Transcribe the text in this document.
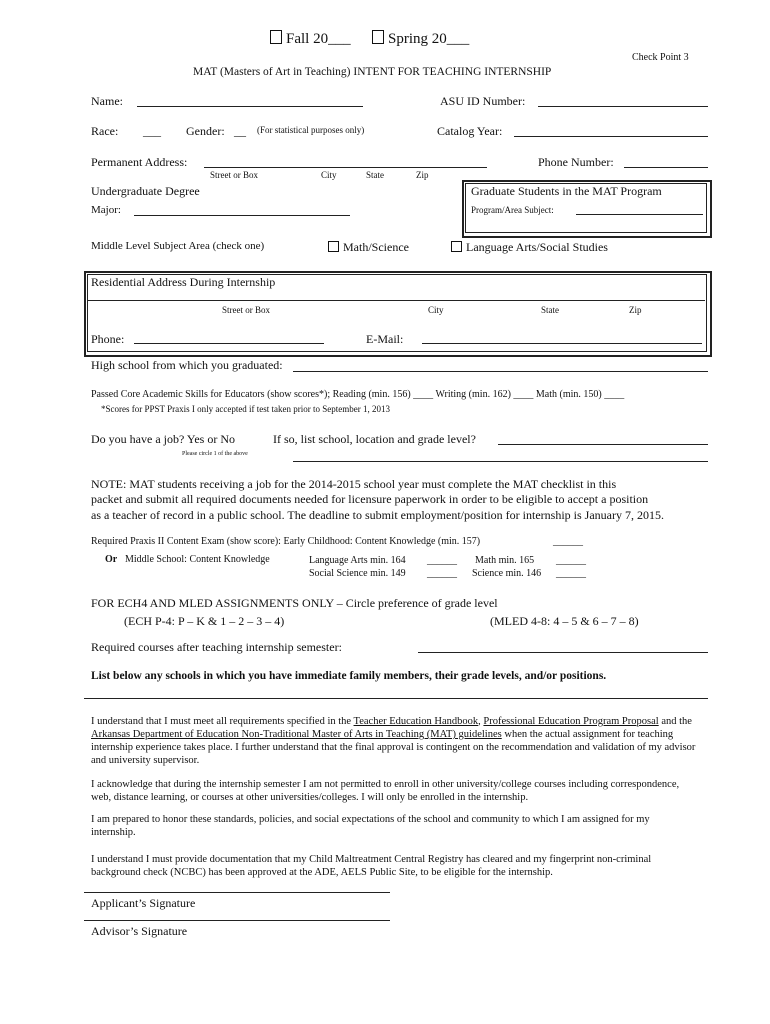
Fall 20___	Spring 20___
Check Point 3
MAT (Masters of Art in Teaching) INTENT FOR TEACHING INTERNSHIP
Name:	ASU ID Number:
Race: ___ Gender: __ (For statistical purposes only)	Catalog Year:
Permanent Address:	Phone Number:
Street or Box	City	State	Zip
Undergraduate Degree
Major:
Graduate Students in the MAT Program
Program/Area Subject:
Middle Level Subject Area (check one)	Math/Science	Language Arts/Social Studies
Residential Address During Internship
Street or Box	City	State	Zip
Phone:	E-Mail:
High school from which you graduated:
Passed Core Academic Skills for Educators (show scores*); Reading (min. 156) ____ Writing (min. 162) ____ Math (min. 150) ____
*Scores for PPST Praxis I only accepted if test taken prior to September 1, 2013
Do you have a job? Yes or No	If so, list school, location and grade level?
Please circle 1 of the above
NOTE: MAT students receiving a job for the 2014-2015 school year must complete the MAT checklist in this
packet and submit all required documents needed for licensure paperwork in order to be eligible to accept a position
as a teacher of record in a public school. The deadline to submit employment/position for internship is January 7, 2015.
Required Praxis II Content Exam (show score): Early Childhood: Content Knowledge (min. 157)	______
Or Middle School: Content Knowledge	Language Arts min. 164 ______ Math min. 165 ______
Social Science min. 149 ______ Science min. 146 ______
FOR ECH4 AND MLED ASSIGNMENTS ONLY – Circle preference of grade level
(ECH P-4: P – K & 1 – 2 – 3 – 4)	(MLED 4-8: 4 – 5 & 6 – 7 – 8)
Required courses after teaching internship semester:
List below any schools in which you have immediate family members, their grade levels, and/or positions.
I understand that I must meet all requirements specified in the Teacher Education Handbook, Professional Education Program Proposal and the Arkansas Department of Education Non-Traditional Master of Arts in Teaching (MAT) guidelines when the actual assignment for teaching internship experience takes place. I further understand that the final approval is contingent on the recommendation and validation of my advisor and university supervisor.
I acknowledge that during the internship semester I am not permitted to enroll in other university/college courses including correspondence, web, distance learning, or courses at other universities/colleges. I will only be enrolled in the internship.
I am prepared to honor these standards, policies, and social expectations of the school and community to which I am assigned for my internship.
I understand I must provide documentation that my Child Maltreatment Central Registry has cleared and my fingerprint non-criminal background check (NCBC) has been approved at the ADE, AELS Public Site, to be eligible for the internship.
Applicant’s Signature
Advisor’s Signature
